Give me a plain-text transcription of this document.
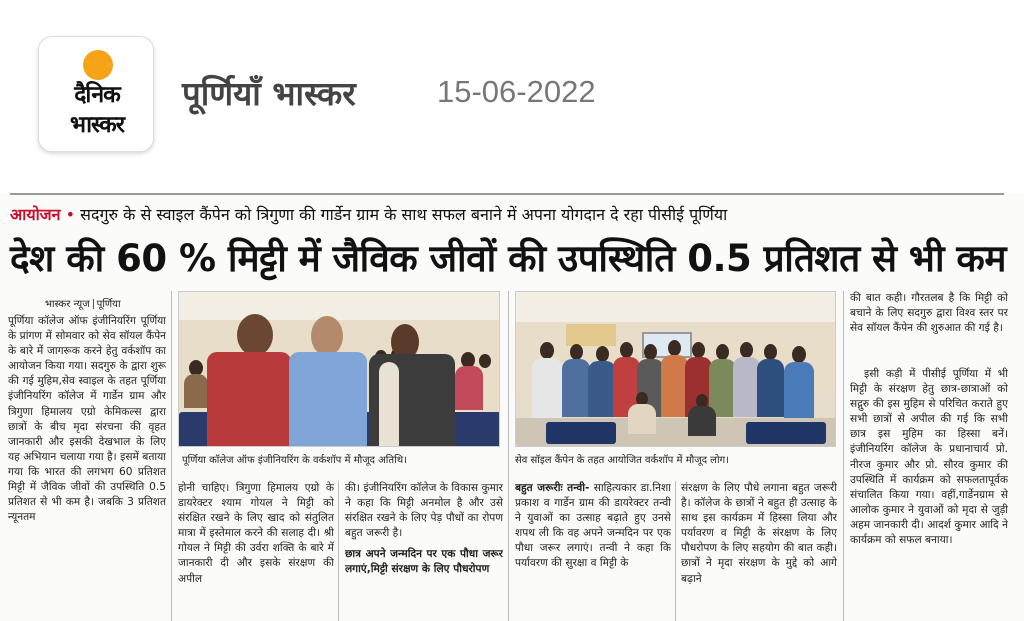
दैनिक
भास्कर
पूर्णियाँ भास्कर	15-06-2022
आयोजन • सदगुरु के से स्वाइल कैंपेन को त्रिगुणा की गार्डेन ग्राम के साथ सफल बनाने में अपना योगदान दे रहा पीसीई पूर्णिया
देश की 60 % मिट्टी में जैविक जीवों की उपस्थिति 0.5 प्रतिशत से भी कम
भास्कर न्यूज पूर्णिया

पूर्णिया कॉलेज ऑफ इंजीनियरिंग पूर्णिया के प्रांगण में सोमवार को सेव सॉयल कैंपेन के बारे में जागरूक करने हेतु वर्कशॉप का आयोजन किया गया। सदगुरु के द्वारा शुरू की गई मुहिम,सेव स्वाइल के तहत पूर्णिया इंजीनियरिंग कॉलेज में गार्डेन ग्राम और त्रिगुणा हिमालय एग्रो केमिकल्स द्वारा छात्रों के बीच मृदा संरचना की वृहत जानकारी और इसकी देखभाल के लिए यह अभियान चलाया गया है। इसमें बताया गया कि भारत की लगभग 60 प्रतिशत मिट्टी में जैविक जीवों की उपस्थिति 0.5 प्रतिशत से भी कम है। जबकि 3 प्रतिशत न्यूनतम

पूर्णिया कॉलेज ऑफ इंजीनियरिंग के वर्कशॉप में मौजूद अतिथि।	सेव सॉइल कैंपेन के तहत आयोजित वर्कशॉप में मौजूद लोग।

होनी चाहिए। त्रिगुणा हिमालय एग्रो के डायरेक्टर श्याम गोयल ने मिट्टी को संरक्षित रखने के लिए खाद को संतुलित मात्रा में इस्तेमाल करने की सलाह दी। श्री गोयल ने मिट्टी की उर्वरा शक्ति के बारे में जानकारी दी और इसके संरक्षण की अपील

की। इंजीनियरिंग कॉलेज के विकास कुमार ने कहा कि मिट्टी अनमोल है और उसे संरक्षित रखने के लिए पेड़ पौधों का रोपण बहुत जरूरी है।

छात्र अपने जन्मदिन पर एक पौधा जरूर लगाएं,मिट्टी संरक्षण के लिए पौधरोपण

बहुत जरूरीः तन्वी- साहित्यकार डा.निशा प्रकाश व गार्डेन ग्राम की डायरेक्टर तन्वी ने युवाओं का उत्साह बढ़ाते हुए उनसे शपथ ली कि वह अपने जन्मदिन पर एक पौधा जरूर लगाएं। तन्वी ने कहा कि पर्यावरण की सुरक्षा व मिट्टी के

संरक्षण के लिए पौधे लगाना बहुत जरूरी है। कॉलेज के छात्रों ने बहुत ही उत्साह के साथ इस कार्यक्रम में हिस्सा लिया और पर्यावरण व मिट्टी के संरक्षण के लिए पौधरोपण के लिए सहयोग की बात कही। छात्रों ने मृदा संरक्षण के मुद्दे को आगे बढ़ाने

की बात कही। गौरतलब है कि मिट्टी को बचाने के लिए सदगुरु द्वारा विश्व स्तर पर सेव सॉयल कैंपेन की शुरुआत की गई है।

इसी कड़ी में पीसीई पूर्णिया में भी मिट्टी के संरक्षण हेतु छात्र-छात्राओं को सद्गुरु की इस मुहिम से परिचित कराते हुए सभी छात्रों से अपील की गई कि सभी छात्र इस मुहिम का हिस्सा बनें। इंजीनियरिंग कॉलेज के प्रधानाचार्य प्रो. नीरज कुमार और प्रो. सौरव कुमार की उपस्थिति में कार्यक्रम को सफलतापूर्वक संचालित किया गया। वहीं,गार्डेनग्राम से आलोक कुमार ने युवाओं को मृदा से जुड़ी अहम जानकारी दी। आदर्श कुमार आदि ने कार्यक्रम को सफल बनाया।
